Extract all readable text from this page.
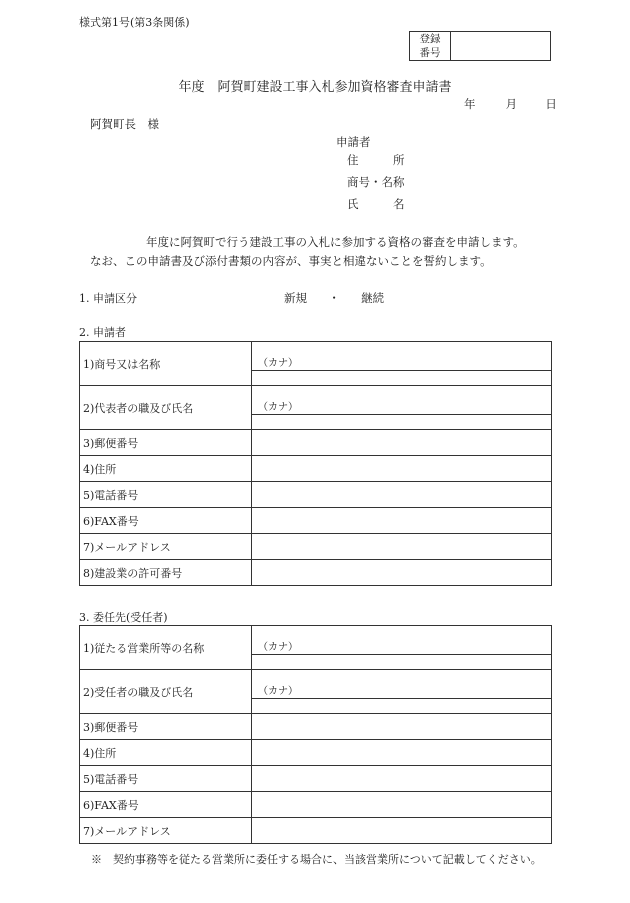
様式第1号(第3条関係)
登録
番号
年度　阿賀町建設工事入札参加資格審査申請書
年	月 日
阿賀町長　様
申請者
住　　　所
商号・名称
氏　　　名
年度に阿賀町で行う建設工事の入札に参加する資格の審査を申請します。
なお、この申請書及び添付書類の内容が、事実と相違ないことを誓約します。
1. 申請区分	新規 ・ 継続
2. 申請者
1)商号又は名称	（カナ）

2)代表者の職及び氏名	（カナ）

3)郵便番号	
4)住所	
5)電話番号	
6)FAX番号	
7)メールアドレス	
8)建設業の許可番号	
3. 委任先(受任者)
1)従たる営業所等の名称	（カナ）

2)受任者の職及び氏名	（カナ）

3)郵便番号	
4)住所	
5)電話番号	
6)FAX番号	
7)メールアドレス	
※　契約事務等を従たる営業所に委任する場合に、当該営業所について記載してください。
